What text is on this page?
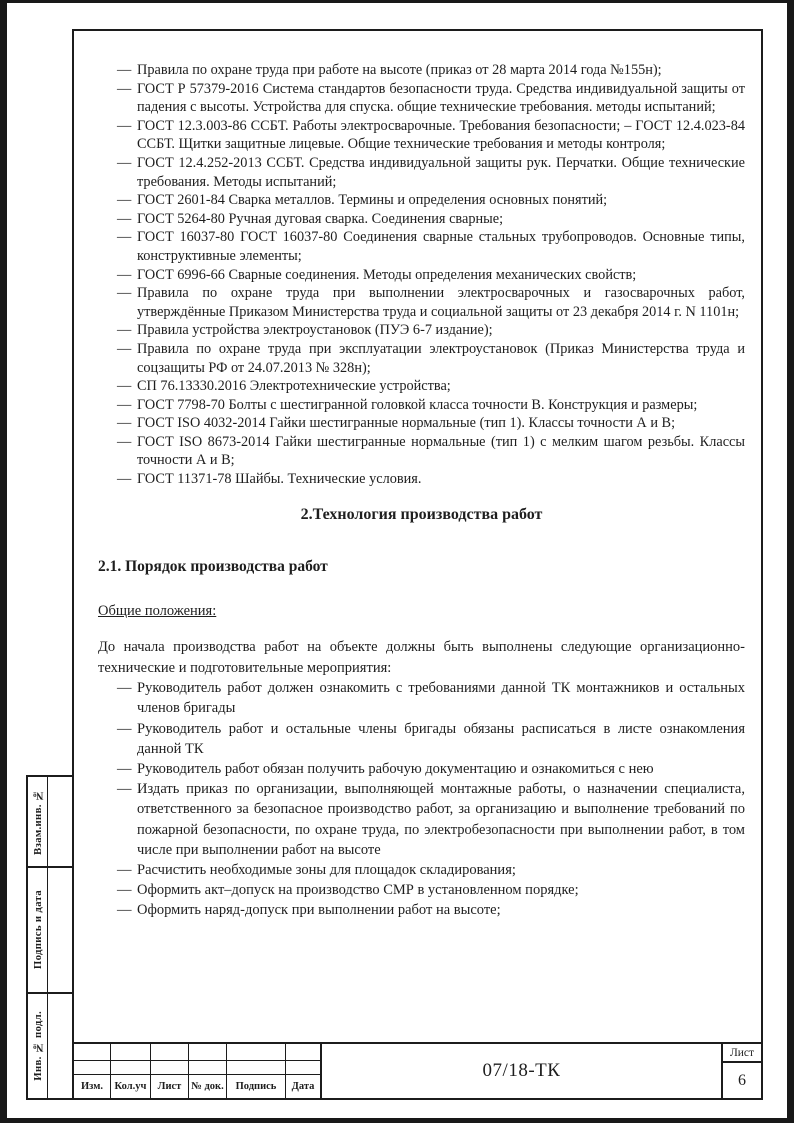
— Правила по охране труда при работе на высоте (приказ от 28 марта 2014 года №155н);
— ГОСТ Р 57379-2016 Система стандартов безопасности труда. Средства индивидуальной защиты от падения с высоты. Устройства для спуска. общие технические требования. методы испытаний;
— ГОСТ 12.3.003-86 ССБТ. Работы электросварочные. Требования безопасности; – ГОСТ 12.4.023-84 ССБТ. Щитки защитные лицевые. Общие технические требования и методы контроля;
— ГОСТ 12.4.252-2013 ССБТ. Средства индивидуальной защиты рук. Перчатки. Общие технические требования. Методы испытаний;
— ГОСТ 2601-84 Сварка металлов. Термины и определения основных понятий;
— ГОСТ 5264-80 Ручная дуговая сварка. Соединения сварные;
— ГОСТ 16037-80 ГОСТ 16037-80 Соединения сварные стальных трубопроводов. Основные типы, конструктивные элементы;
— ГОСТ 6996-66 Сварные соединения. Методы определения механических свойств;
— Правила по охране труда при выполнении электросварочных и газосварочных работ, утверждённые Приказом Министерства труда и социальной защиты от 23 декабря 2014 г. N 1101н;
— Правила устройства электроустановок (ПУЭ 6-7 издание);
— Правила по охране труда при эксплуатации электроустановок (Приказ Министерства труда и соцзащиты РФ от 24.07.2013 № 328н);
— СП 76.13330.2016 Электротехнические устройства;
— ГОСТ 7798-70 Болты с шестигранной головкой класса точности В. Конструкция и размеры;
— ГОСТ ISO 4032-2014 Гайки шестигранные нормальные (тип 1). Классы точности А и В;
— ГОСТ ISO 8673-2014 Гайки шестигранные нормальные (тип 1) с мелким шагом резьбы. Классы точности А и В;
— ГОСТ 11371-78 Шайбы. Технические условия.
2.Технология производства работ
2.1. Порядок производства работ
Общие положения:

До начала производства работ на объекте должны быть выполнены следующие организационно-технические и подготовительные мероприятия:

— Руководитель работ должен ознакомить с требованиями данной ТК монтажников и остальных членов бригады
— Руководитель работ и остальные члены бригады обязаны расписаться в листе ознакомления данной ТК
— Руководитель работ обязан получить рабочую документацию и ознакомиться с нею
— Издать приказ по организации, выполняющей монтажные работы, о назначении специалиста, ответственного за безопасное производство работ, за организацию и выполнение требований по пожарной безопасности, по охране труда, по электробезопасности при выполнении работ, в том числе при выполнении работ на высоте
— Расчистить необходимые зоны для площадок складирования;
— Оформить акт–допуск на производство СМР в установленном порядке;
— Оформить наряд-допуск при выполнении работ на высоте;
Изм. Кол.уч Лист № док. Подпись Дата
07/18-ТК
Лист
6
Взам.инв. №
Подпись и дата
Инв. № подл.
